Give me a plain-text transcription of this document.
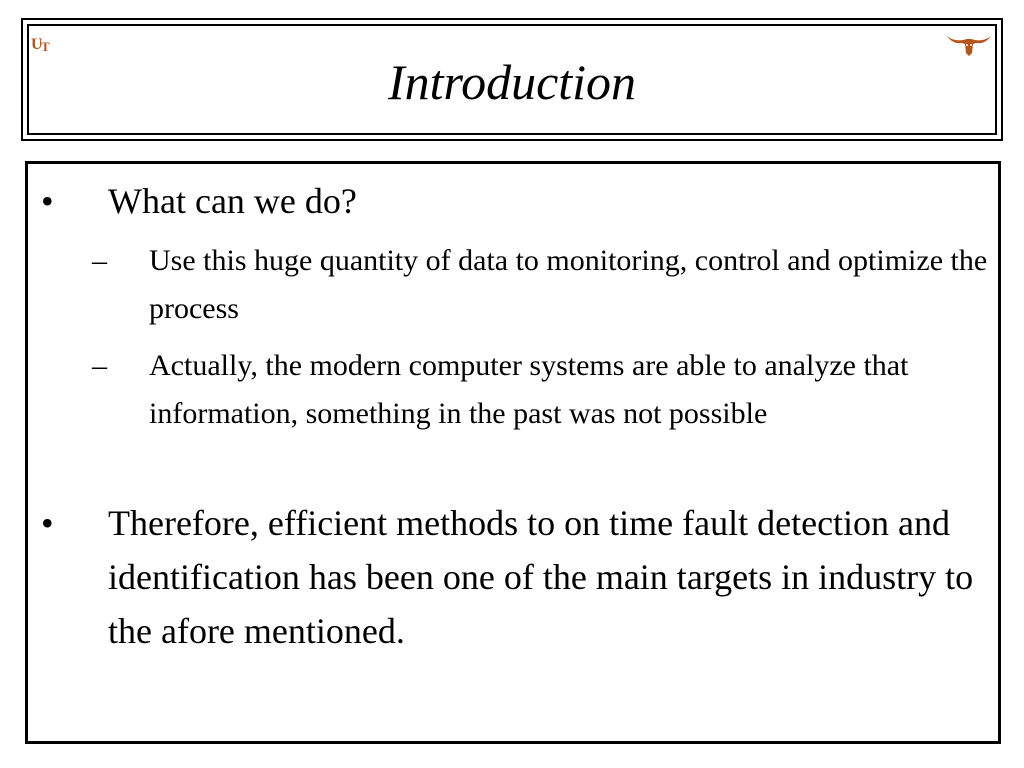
U
T
Introduction
• What can we do?
– Use this huge quantity of data to monitoring, control and optimize the process
– Actually, the modern computer systems are able to analyze that information, something in the past was not possible
• Therefore, efficient methods to on time fault detection and identification has been one of the main targets in industry to the afore mentioned.
